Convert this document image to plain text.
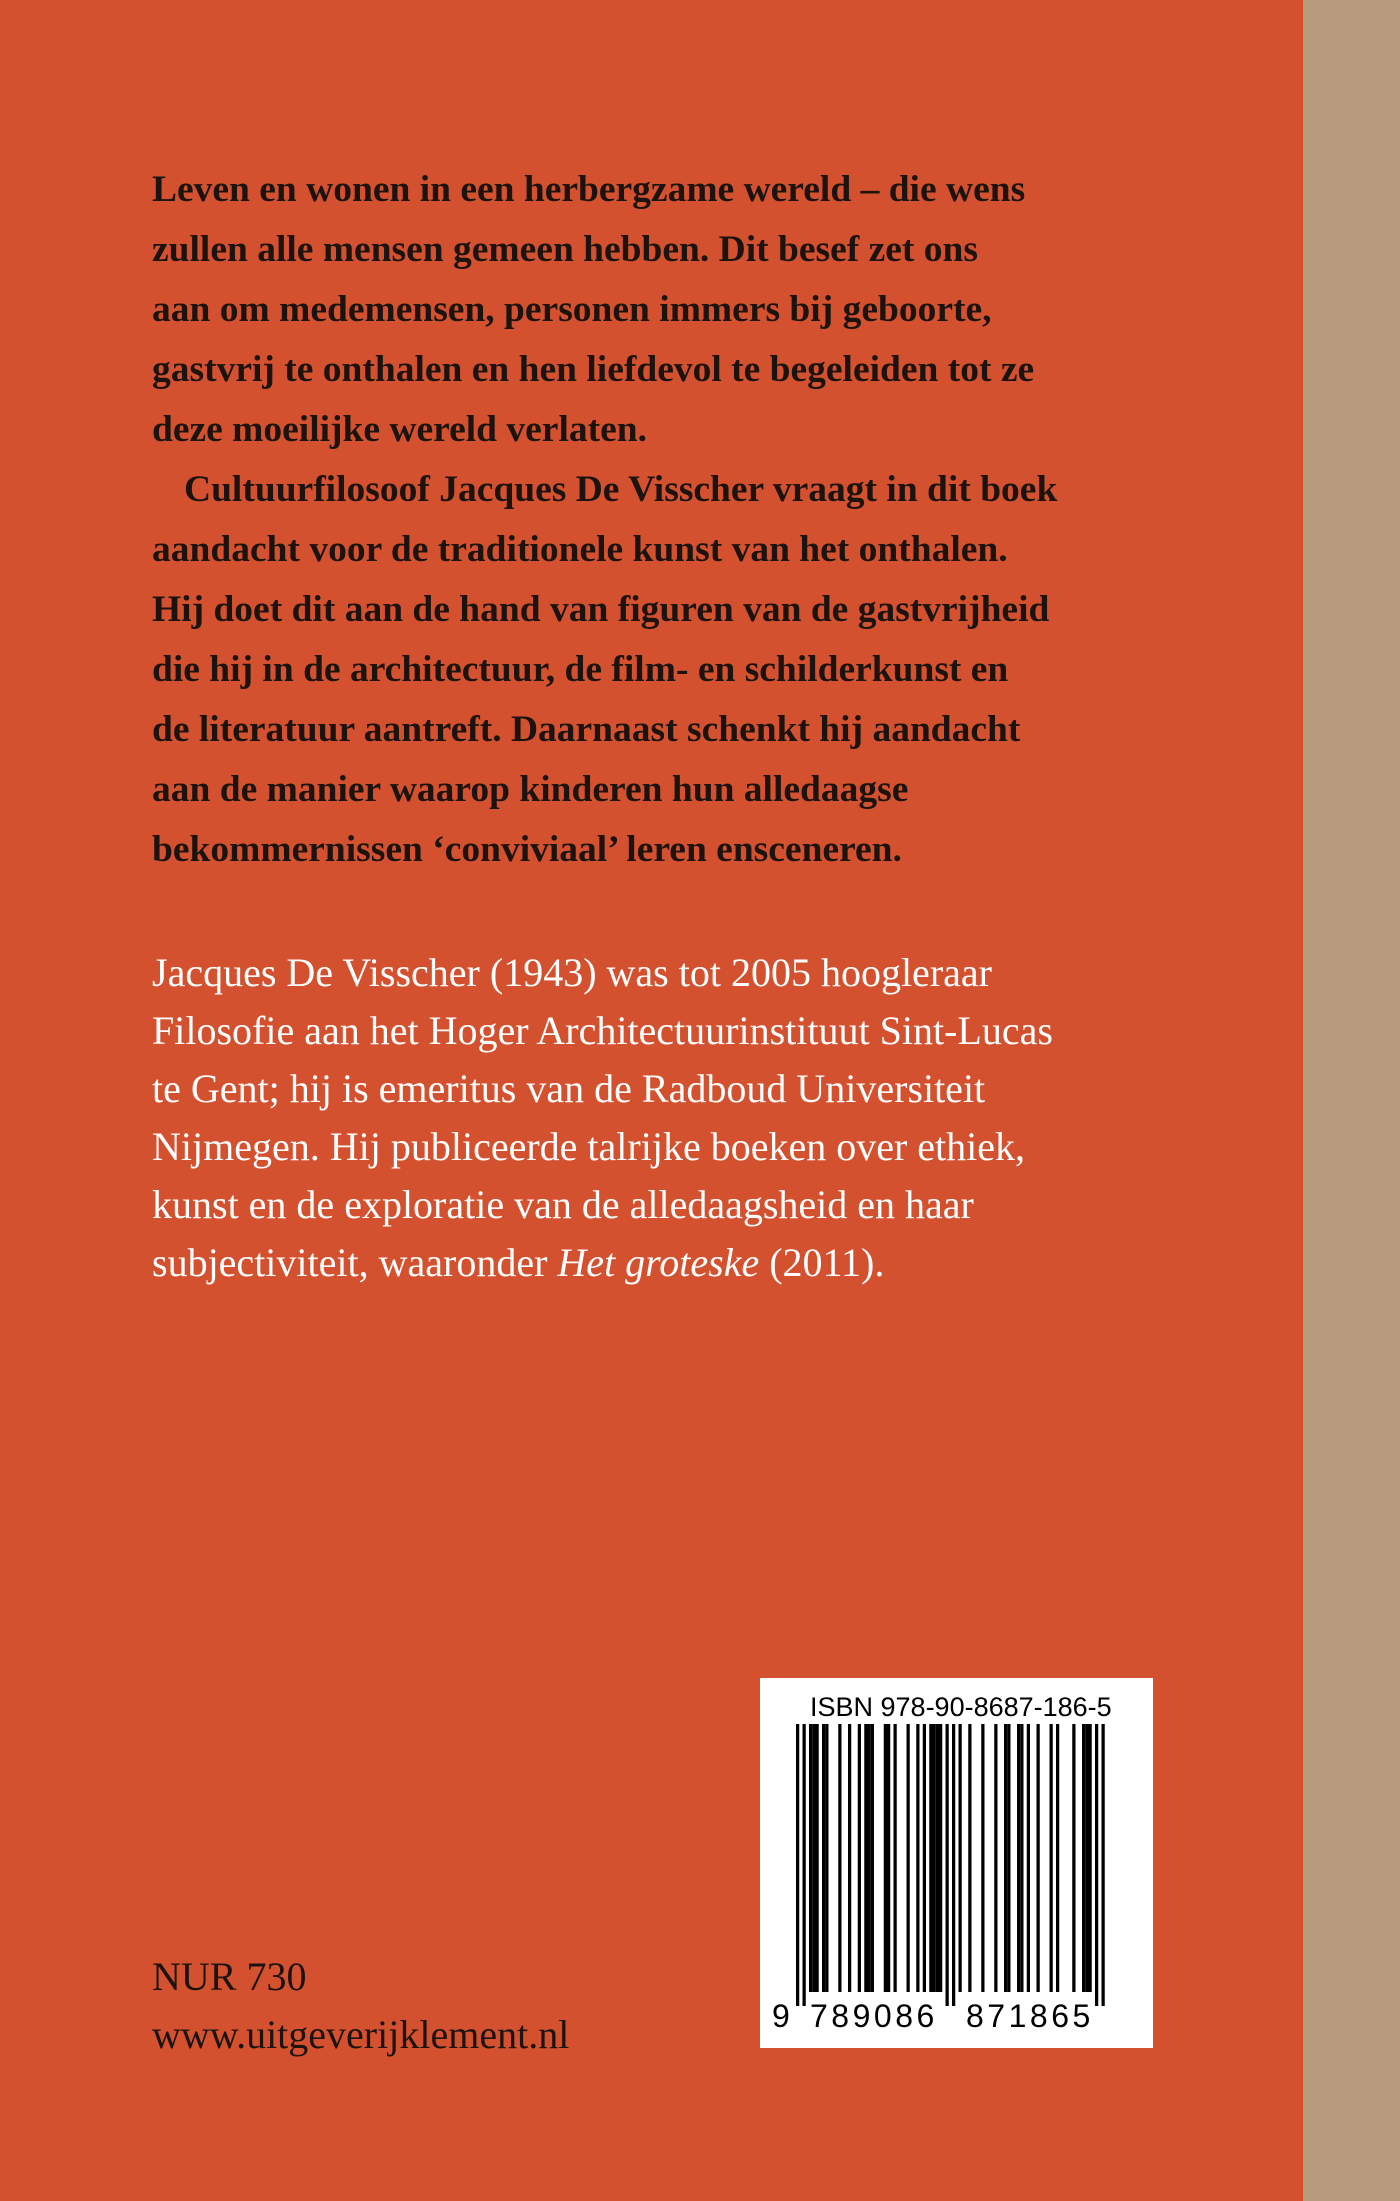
Leven en wonen in een herbergzame wereld – die wens
zullen alle mensen gemeen hebben. Dit besef zet ons
aan om medemensen, personen immers bij geboorte,
gastvrij te onthalen en hen liefdevol te begeleiden tot ze
deze moeilijke wereld verlaten.

Cultuurfilosoof Jacques De Visscher vraagt in dit boek
aandacht voor de traditionele kunst van het onthalen.
Hij doet dit aan de hand van figuren van de gastvrijheid
die hij in de architectuur, de film- en schilderkunst en
de literatuur aantreft. Daarnaast schenkt hij aandacht
aan de manier waarop kinderen hun alledaagse
bekommernissen ‘conviviaal’ leren ensceneren.

Jacques De Visscher (1943) was tot 2005 hoogleraar
Filosofie aan het Hoger Architectuurinstituut Sint-Lucas
te Gent; hij is emeritus van de Radboud Universiteit
Nijmegen. Hij publiceerde talrijke boeken over ethiek,
kunst en de exploratie van de alledaagsheid en haar
subjectiviteit, waaronder Het groteske (2011).
NUR 730
www.uitgeverijklement.nl
ISBN 978-90-8687-186-5
9 789086 871865
